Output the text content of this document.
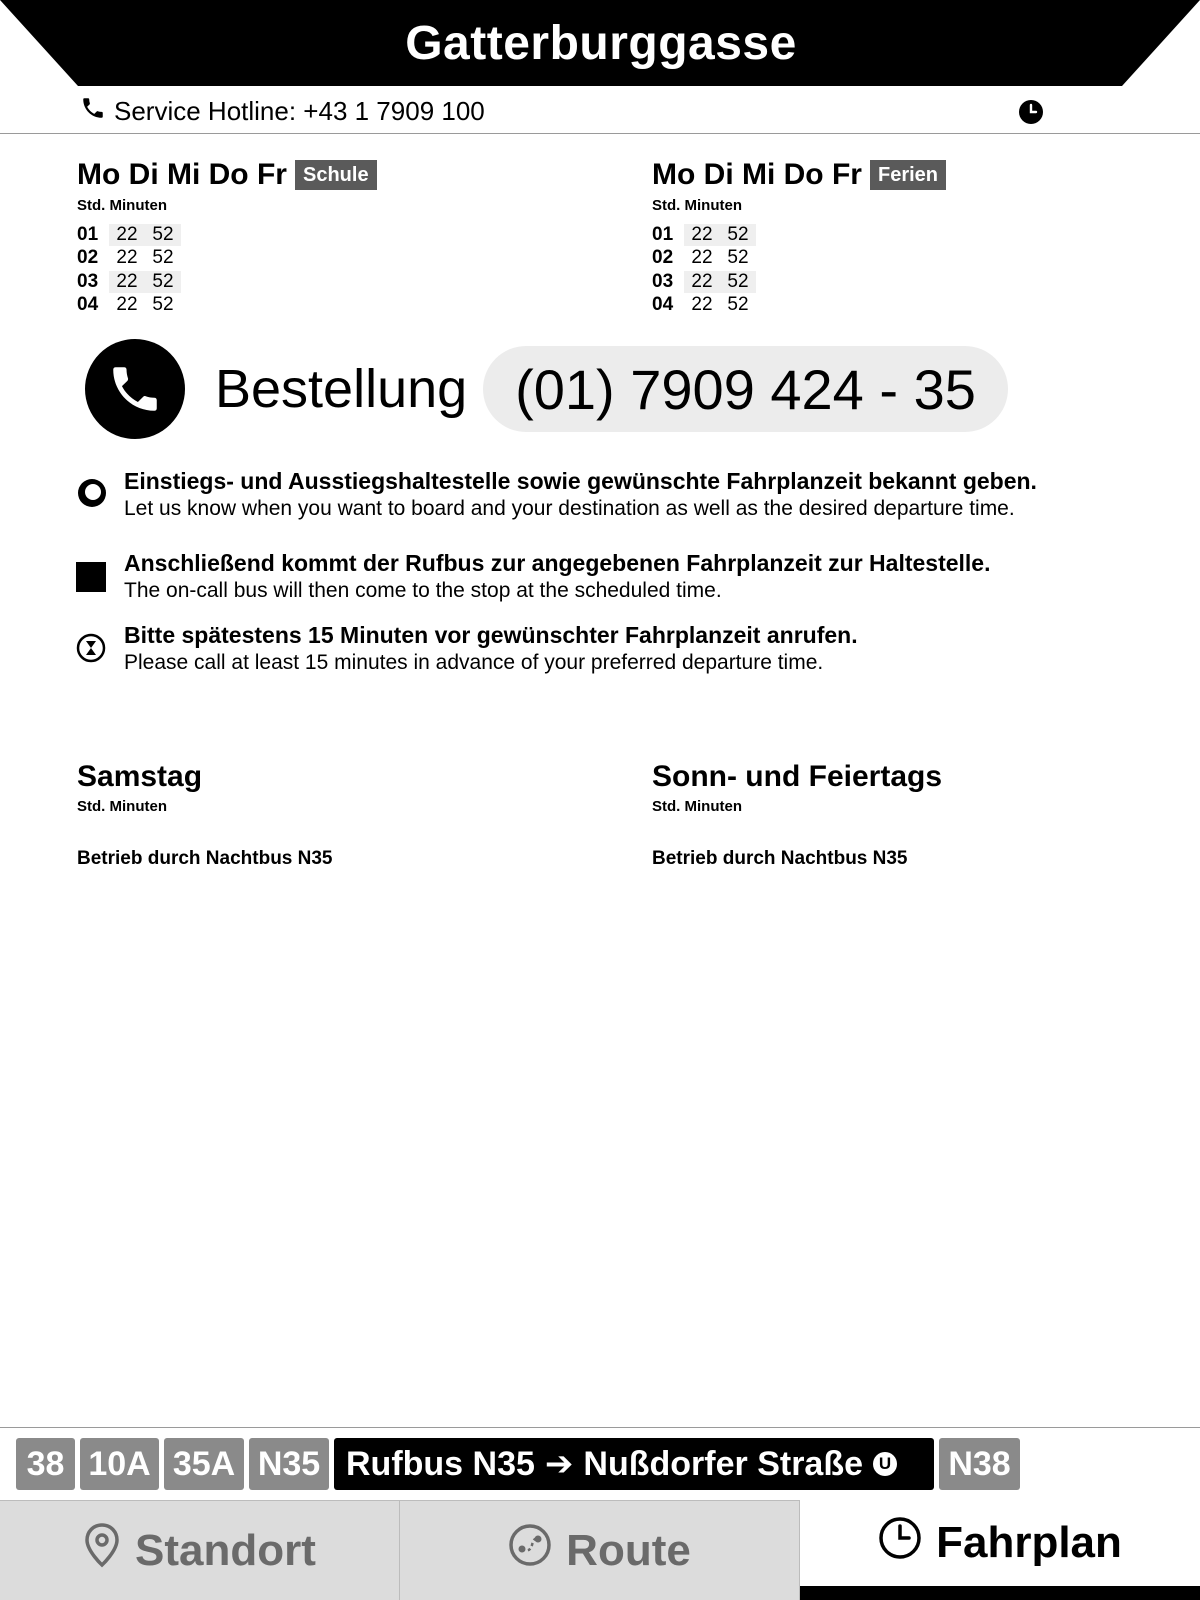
Gatterburggasse
Service Hotline: +43 1 7909 100
Mo Di Mi Do Fr Schule
Std. Minuten
01 22 52
02 22 52
03 22 52
04 22 52
Mo Di Mi Do Fr Ferien
Std. Minuten
01 22 52
02 22 52
03 22 52
04 22 52
Bestellung (01) 7909 424 - 35
Einstiegs- und Ausstiegshaltestelle sowie gewünschte Fahrplanzeit bekannt geben.
Let us know when you want to board and your destination as well as the desired departure time.
Anschließend kommt der Rufbus zur angegebenen Fahrplanzeit zur Haltestelle.
The on-call bus will then come to the stop at the scheduled time.
Bitte spätestens 15 Minuten vor gewünschter Fahrplanzeit anrufen.
Please call at least 15 minutes in advance of your preferred departure time.
Samstag
Std. Minuten
Betrieb durch Nachtbus N35
Sonn- und Feiertags
Std. Minuten
Betrieb durch Nachtbus N35
38 10A 35A N35 Rufbus N35 ➔ Nußdorfer Straße U N38
Standort	Route	Fahrplan
